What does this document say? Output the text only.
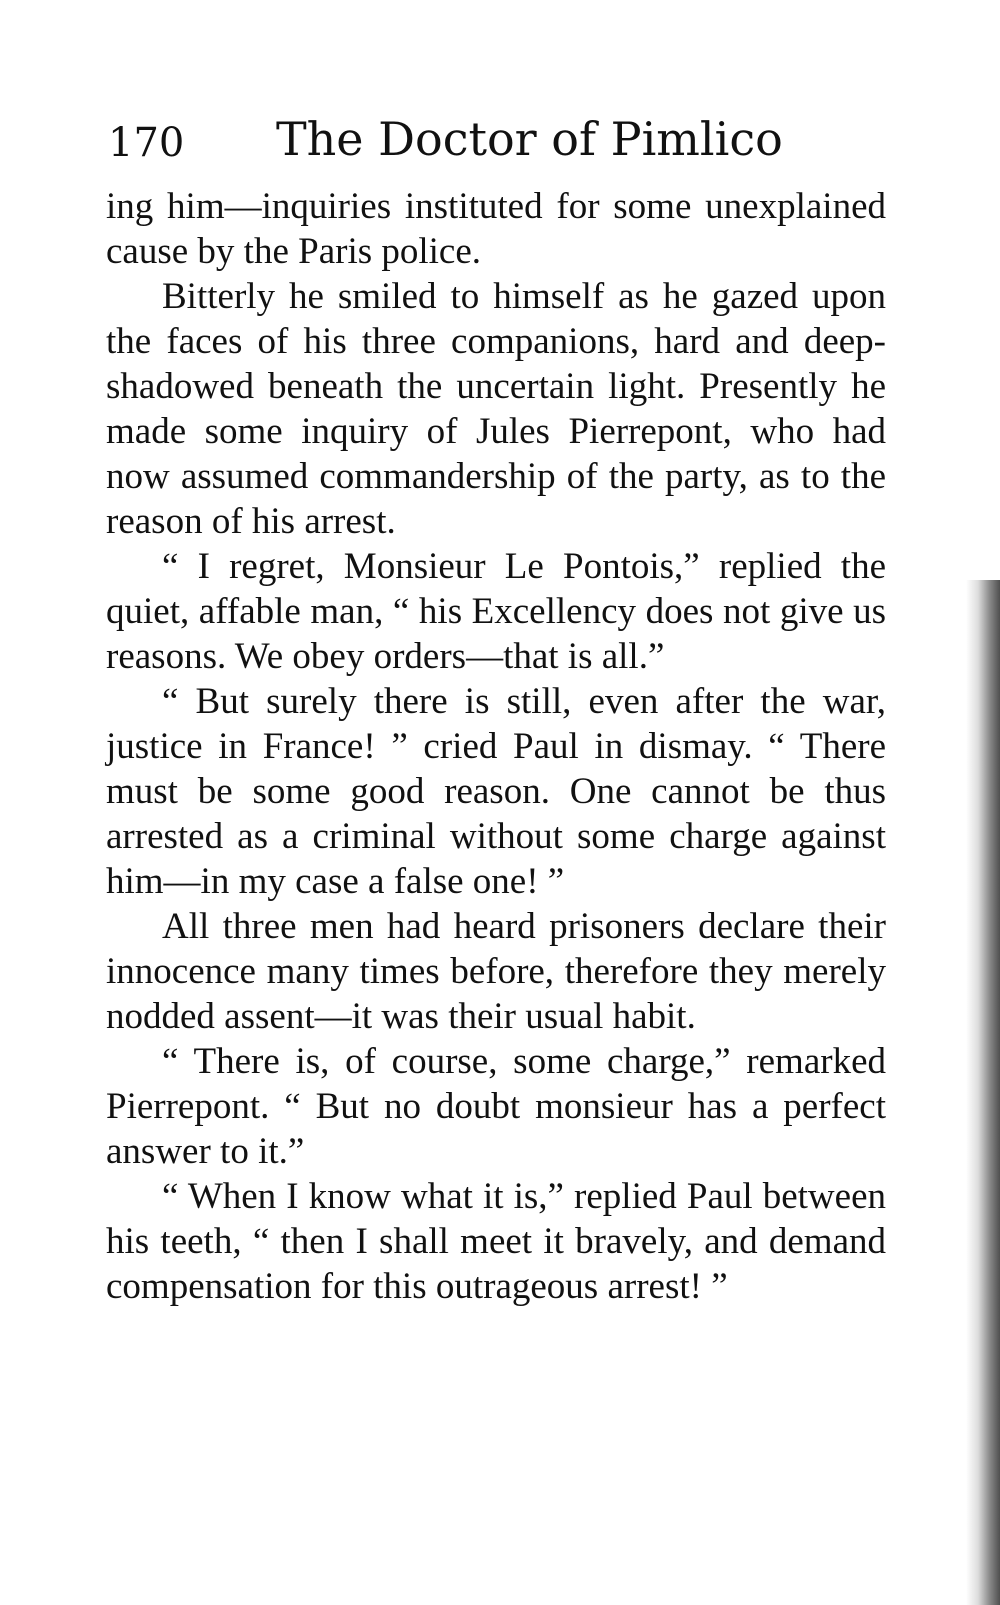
170 The Doctor of Pimlico

ing him—inquiries instituted for some unexplained cause by the Paris police.

Bitterly he smiled to himself as he gazed upon the faces of his three companions, hard and deep-shadowed beneath the uncertain light. Presently he made some inquiry of Jules Pierrepont, who had now assumed commandership of the party, as to the reason of his arrest.

“ I regret, Monsieur Le Pontois,” replied the quiet, affable man, “ his Excellency does not give us reasons. We obey orders—that is all.”

“ But surely there is still, even after the war, justice in France! ” cried Paul in dismay. “ There must be some good reason. One cannot be thus arrested as a criminal without some charge against him—in my case a false one! ”

All three men had heard prisoners declare their innocence many times before, therefore they merely nodded assent—it was their usual habit.

“ There is, of course, some charge,” remarked Pierrepont. “ But no doubt monsieur has a perfect answer to it.”

“ When I know what it is,” replied Paul between his teeth, “ then I shall meet it bravely, and demand compensation for this outrageous arrest! ”
